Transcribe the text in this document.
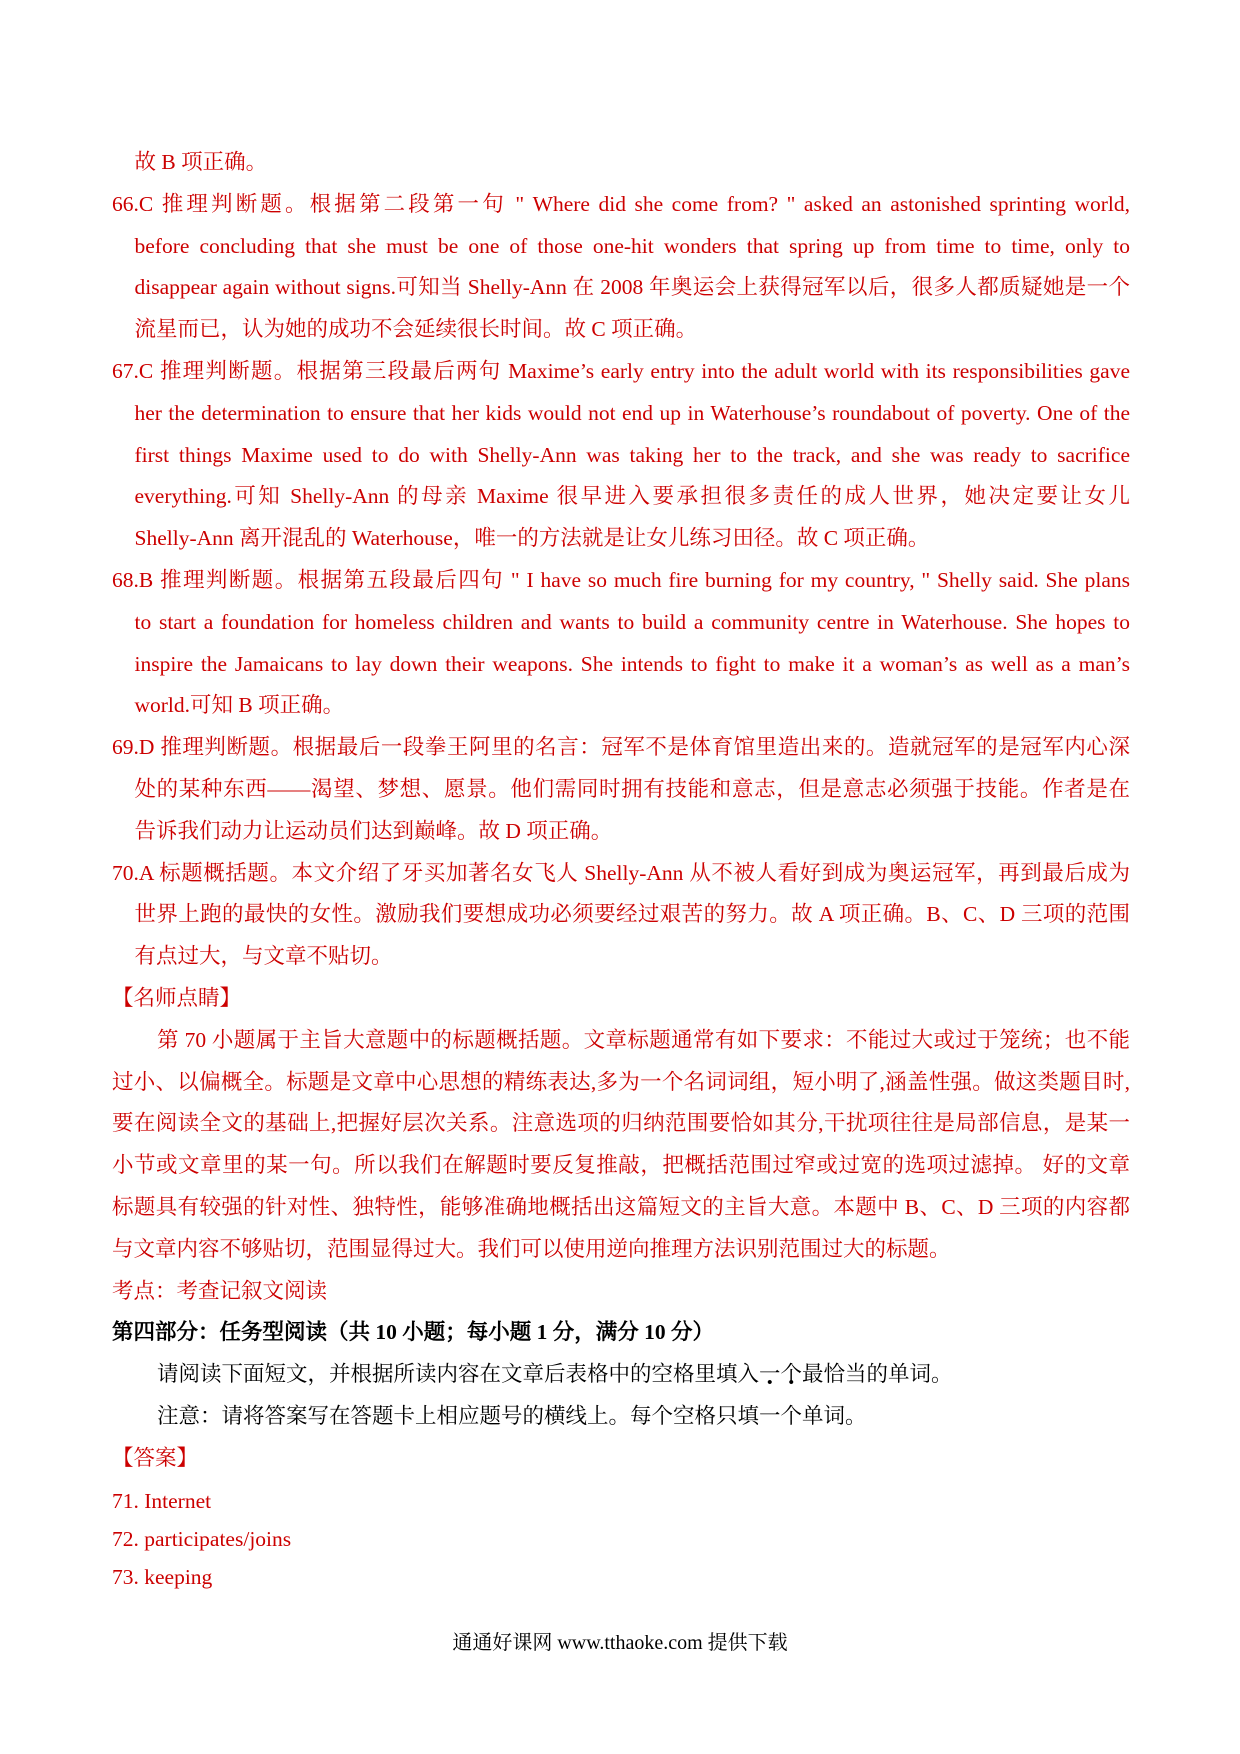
故 B 项正确。
66.C 推理判断题。根据第二段第一句 " Where did she come from? " asked an astonished sprinting world,
before concluding that she must be one of those one-hit wonders that spring up from time to time, only to
disappear again without signs.可知当 Shelly-Ann 在 2008 年奥运会上获得冠军以后，很多人都质疑她是一个
流星而已，认为她的成功不会延续很长时间。故 C 项正确。
67.C 推理判断题。根据第三段最后两句 Maxime’s early entry into the adult world with its responsibilities gave
her the determination to ensure that her kids would not end up in Waterhouse’s roundabout of poverty. One of the
first things Maxime used to do with Shelly-Ann was taking her to the track, and she was ready to sacrifice
everything.可知 Shelly-Ann 的母亲 Maxime 很早进入要承担很多责任的成人世界，她决定要让女儿
Shelly-Ann 离开混乱的 Waterhouse，唯一的方法就是让女儿练习田径。故 C 项正确。
68.B 推理判断题。根据第五段最后四句 " I have so much fire burning for my country, " Shelly said. She plans
to start a foundation for homeless children and wants to build a community centre in Waterhouse. She hopes to
inspire the Jamaicans to lay down their weapons. She intends to fight to make it a woman’s as well as a man’s
world.可知 B 项正确。
69.D 推理判断题。根据最后一段拳王阿里的名言：冠军不是体育馆里造出来的。造就冠军的是冠军内心深
处的某种东西——渴望、梦想、愿景。他们需同时拥有技能和意志，但是意志必须强于技能。作者是在
告诉我们动力让运动员们达到巅峰。故 D 项正确。
70.A 标题概括题。本文介绍了牙买加著名女飞人 Shelly-Ann 从不被人看好到成为奥运冠军，再到最后成为
世界上跑的最快的女性。激励我们要想成功必须要经过艰苦的努力。故 A 项正确。B、C、D 三项的范围
有点过大，与文章不贴切。
【名师点睛】
第 70 小题属于主旨大意题中的标题概括题。文章标题通常有如下要求：不能过大或过于笼统；也不能
过小、以偏概全。标题是文章中心思想的精练表达,多为一个名词词组，短小明了,涵盖性强。做这类题目时,
要在阅读全文的基础上,把握好层次关系。注意选项的归纳范围要恰如其分,干扰项往往是局部信息，是某一
小节或文章里的某一句。所以我们在解题时要反复推敲，把概括范围过窄或过宽的选项过滤掉。 好的文章
标题具有较强的针对性、独特性，能够准确地概括出这篇短文的主旨大意。本题中 B、C、D 三项的内容都
与文章内容不够贴切，范围显得过大。我们可以使用逆向推理方法识别范围过大的标题。
考点：考查记叙文阅读
第四部分：任务型阅读（共 10 小题；每小题 1 分，满分 10 分）
请阅读下面短文，并根据所读内容在文章后表格中的空格里填入一个最恰当的单词。
注意：请将答案写在答题卡上相应题号的横线上。每个空格只填一个单词。
【答案】
71. Internet
72. participates/joins
73. keeping
通通好课网 www.tthaoke.com 提供下载
